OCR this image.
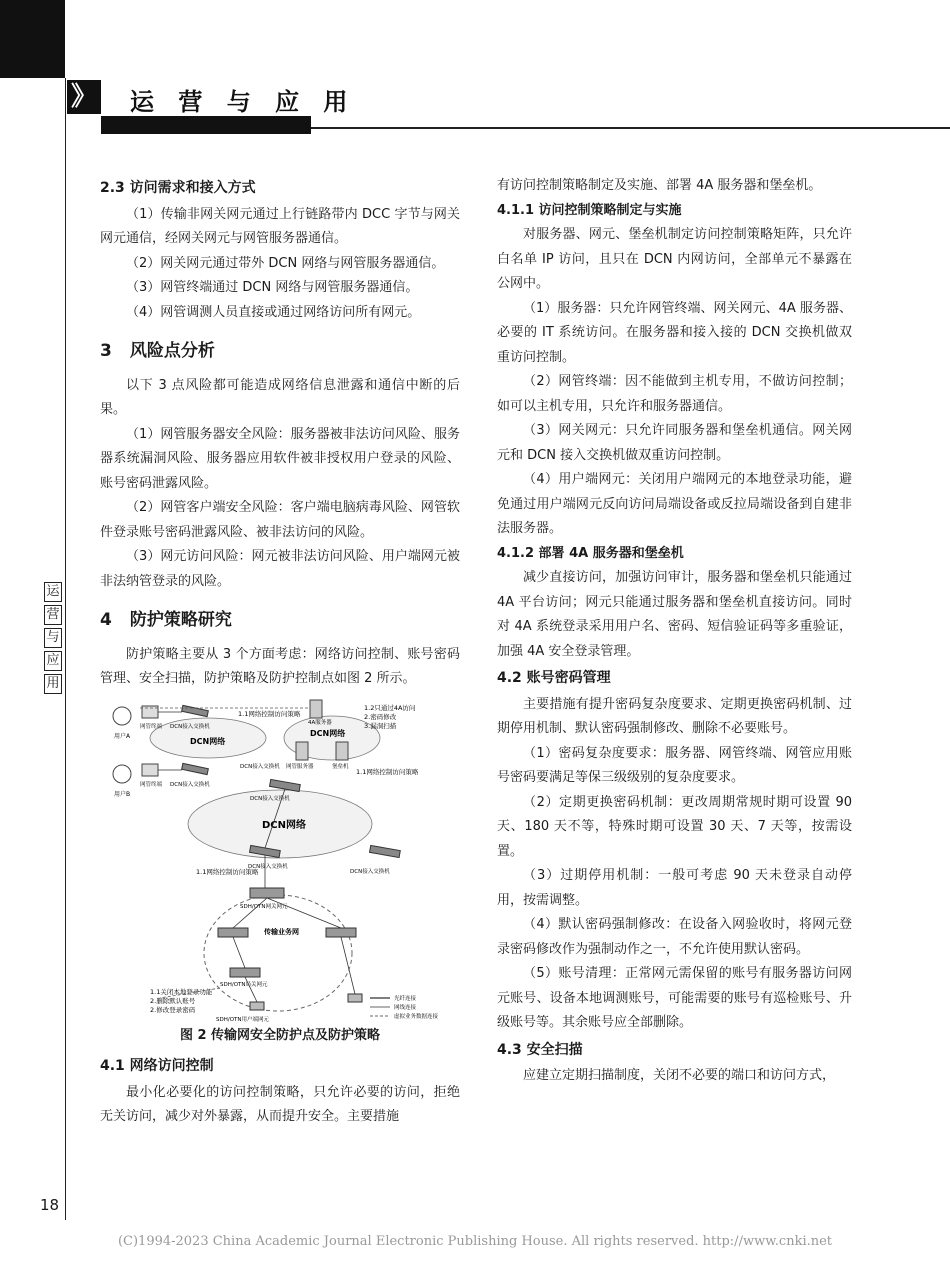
》 运 营 与 应 用
运
营
与
应
用
18
2.3 访问需求和接入方式

（1）传输非网关网元通过上行链路带内 DCC 字节与网关网元通信，经网关网元与网管服务器通信。

（2）网关网元通过带外 DCN 网络与网管服务器通信。

（3）网管终端通过 DCN 网络与网管服务器通信。

（4）网管调测人员直接或通过网络访问所有网元。

3 风险点分析

以下 3 点风险都可能造成网络信息泄露和通信中断的后果。

（1）网管服务器安全风险：服务器被非法访问风险、服务器系统漏洞风险、服务器应用软件被非授权用户登录的风险、账号密码泄露风险。

（2）网管客户端安全风险：客户端电脑病毒风险、网管软件登录账号密码泄露风险、被非法访问的风险。

（3）网元访问风险：网元被非法访问风险、用户端网元被非法纳管登录的风险。

4 防护策略研究

防护策略主要从 3 个方面考虑：网络访问控制、账号密码管理、安全扫描，防护策略及防护控制点如图 2 所示。

用户A
用户B
网管终端
网管终端
DCN接入交换机
DCN接入交换机
DCN网络
1.1网络控制访问策略
4A服务器
DCN网络
网管服务器	堡垒机
DCN接入交换机
1.2只通过4A访问
2.密码修改
3.漏洞扫描
1.1网络控制访问策略
DCN接入交换机
DCN网络
DCN接入交换机
DCN接入交换机
1.1网络控制访问策略
SDH/OTN网关网元
传输业务网
SDH/OTN局关网元
SDH/OTN用户端网元
1.1关闭本地登录功能
2.删除默认账号
2.修改登录密码
光纤连接
网线连接
虚拟业务数据连接
图 2 传输网安全防护点及防护策略
4.1 网络访问控制

最小化必要化的访问控制策略，只允许必要的访问，拒绝无关访问，减少对外暴露，从而提升安全。主要措施

有访问控制策略制定及实施、部署 4A 服务器和堡垒机。

4.1.1 访问控制策略制定与实施

对服务器、网元、堡垒机制定访问控制策略矩阵，只允许白名单 IP 访问，且只在 DCN 内网访问，全部单元不暴露在公网中。

（1）服务器：只允许网管终端、网关网元、4A 服务器、必要的 IT 系统访问。在服务器和接入接的 DCN 交换机做双重访问控制。

（2）网管终端：因不能做到主机专用，不做访问控制；如可以主机专用，只允许和服务器通信。

（3）网关网元：只允许同服务器和堡垒机通信。网关网元和 DCN 接入交换机做双重访问控制。

（4）用户端网元：关闭用户端网元的本地登录功能，避免通过用户端网元反向访问局端设备或反拉局端设备到自建非法服务器。

4.1.2 部署 4A 服务器和堡垒机

减少直接访问，加强访问审计，服务器和堡垒机只能通过 4A 平台访问；网元只能通过服务器和堡垒机直接访问。同时对 4A 系统登录采用用户名、密码、短信验证码等多重验证，加强 4A 安全登录管理。

4.2 账号密码管理

主要措施有提升密码复杂度要求、定期更换密码机制、过期停用机制、默认密码强制修改、删除不必要账号。

（1）密码复杂度要求：服务器、网管终端、网管应用账号密码要满足等保三级级别的复杂度要求。

（2）定期更换密码机制：更改周期常规时期可设置 90 天、180 天不等，特殊时期可设置 30 天、7 天等，按需设置。

（3）过期停用机制：一般可考虑 90 天未登录自动停用，按需调整。

（4）默认密码强制修改：在设备入网验收时，将网元登录密码修改作为强制动作之一，不允许使用默认密码。

（5）账号清理：正常网元需保留的账号有服务器访问网元账号、设备本地调测账号，可能需要的账号有巡检账号、升级账号等。其余账号应全部删除。

4.3 安全扫描

应建立定期扫描制度，关闭不必要的端口和访问方式，

(C)1994-2023 China Academic Journal Electronic Publishing House. All rights reserved. http://www.cnki.net
